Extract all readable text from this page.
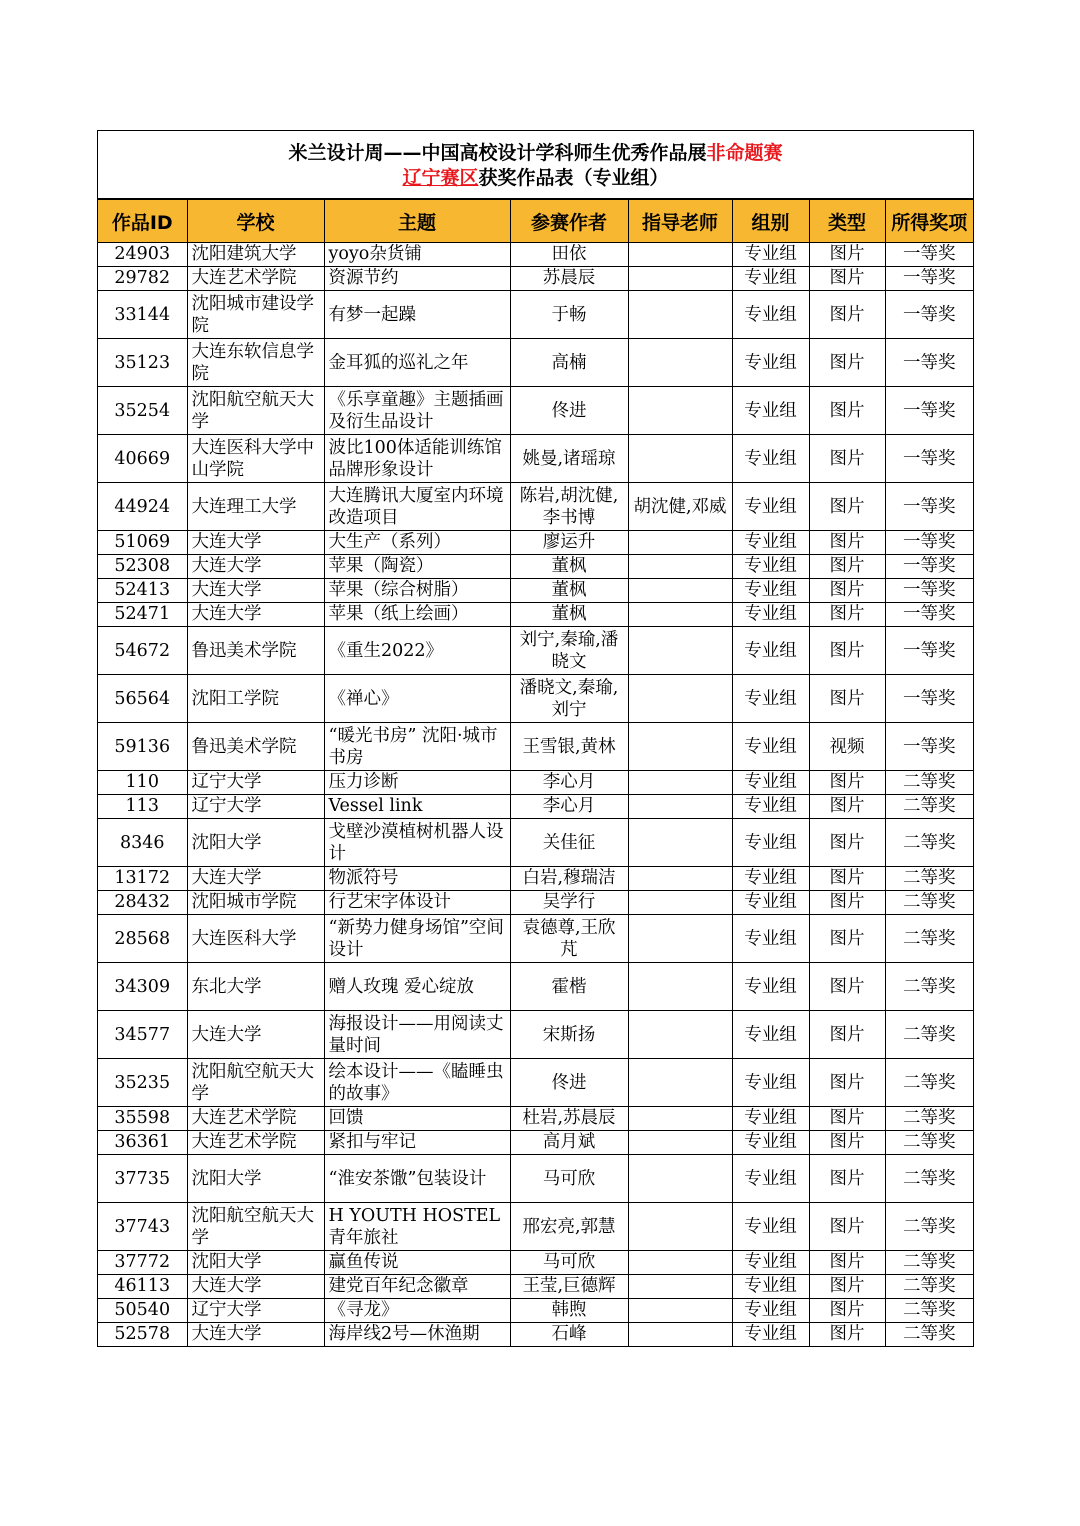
米兰设计周——中国高校设计学科师生优秀作品展非命题赛
辽宁赛区获奖作品表（专业组）
作品ID	学校	主题	参赛作者	指导老师	组别	类型	所得奖项
24903	沈阳建筑大学	yoyo杂货铺	田依		专业组	图片	一等奖
29782	大连艺术学院	资源节约	苏晨辰		专业组	图片	一等奖
33144	沈阳城市建设学院	有梦一起躁	于畅		专业组	图片	一等奖
35123	大连东软信息学院	金耳狐的巡礼之年	高楠		专业组	图片	一等奖
35254	沈阳航空航天大学	《乐享童趣》主题插画及衍生品设计	佟进		专业组	图片	一等奖
40669	大连医科大学中山学院	波比100体适能训练馆品牌形象设计	姚曼,诸瑶琼		专业组	图片	一等奖
44924	大连理工大学	大连腾讯大厦室内环境改造项目	陈岩,胡沈健,李书博	胡沈健,邓威	专业组	图片	一等奖
51069	大连大学	大生产（系列）	廖运升		专业组	图片	一等奖
52308	大连大学	苹果（陶瓷）	董枫		专业组	图片	一等奖
52413	大连大学	苹果（综合树脂）	董枫		专业组	图片	一等奖
52471	大连大学	苹果（纸上绘画）	董枫		专业组	图片	一等奖
54672	鲁迅美术学院	《重生2022》	刘宁,秦瑜,潘晓文		专业组	图片	一等奖
56564	沈阳工学院	《禅心》	潘晓文,秦瑜,刘宁		专业组	图片	一等奖
59136	鲁迅美术学院	“暖光书房” 沈阳·城市书房	王雪银,黄林		专业组	视频	一等奖
110	辽宁大学	压力诊断	李心月		专业组	图片	二等奖
113	辽宁大学	Vessel link	李心月		专业组	图片	二等奖
8346	沈阳大学	戈壁沙漠植树机器人设计	关佳征		专业组	图片	二等奖
13172	大连大学	物派符号	白岩,穆瑞洁		专业组	图片	二等奖
28432	沈阳城市学院	行艺宋字体设计	吴学行		专业组	图片	二等奖
28568	大连医科大学	“新势力健身场馆”空间设计	袁德尊,王欣芃		专业组	图片	二等奖
34309	东北大学	赠人玫瑰 爱心绽放	霍楷		专业组	图片	二等奖
34577	大连大学	海报设计——用阅读丈量时间	宋斯扬		专业组	图片	二等奖
35235	沈阳航空航天大学	绘本设计——《瞌睡虫的故事》	佟进		专业组	图片	二等奖
35598	大连艺术学院	回馈	杜岩,苏晨辰		专业组	图片	二等奖
36361	大连艺术学院	紧扣与牢记	高月斌		专业组	图片	二等奖
37735	沈阳大学	“淮安茶馓”包装设计	马可欣		专业组	图片	二等奖
37743	沈阳航空航天大学	H YOUTH HOSTEL青年旅社	邢宏亮,郭慧		专业组	图片	二等奖
37772	沈阳大学	赢鱼传说	马可欣		专业组	图片	二等奖
46113	大连大学	建党百年纪念徽章	王莹,巨德辉		专业组	图片	二等奖
50540	辽宁大学	《寻龙》	韩煦		专业组	图片	二等奖
52578	大连大学	海岸线2号—休渔期	石峰		专业组	图片	二等奖
